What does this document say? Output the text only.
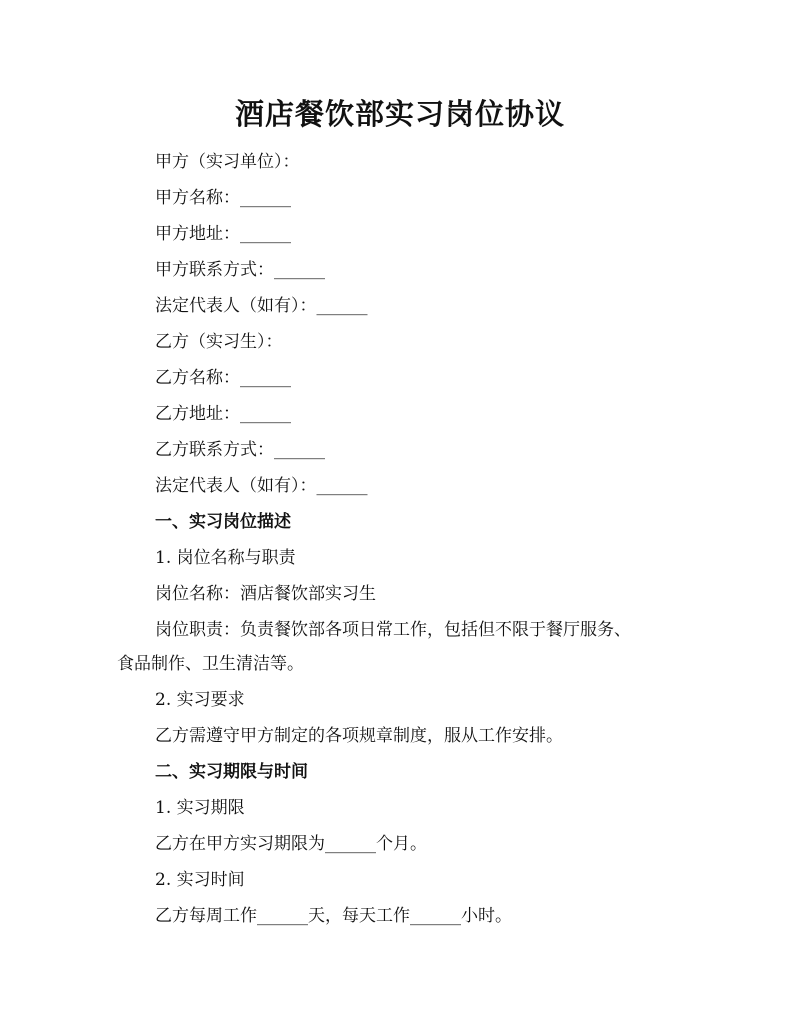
酒店餐饮部实习岗位协议

甲方（实习单位）：

甲方名称：______

甲方地址：______

甲方联系方式：______

法定代表人（如有）：______

乙方（实习生）：

乙方名称：______

乙方地址：______

乙方联系方式：______

法定代表人（如有）：______

一、实习岗位描述

1. 岗位名称与职责

岗位名称：酒店餐饮部实习生

岗位职责：负责餐饮部各项日常工作，包括但不限于餐厅服务、

食品制作、卫生清洁等。

2. 实习要求

乙方需遵守甲方制定的各项规章制度，服从工作安排。

二、实习期限与时间

1. 实习期限

乙方在甲方实习期限为______个月。

2. 实习时间

乙方每周工作______天，每天工作______小时。
